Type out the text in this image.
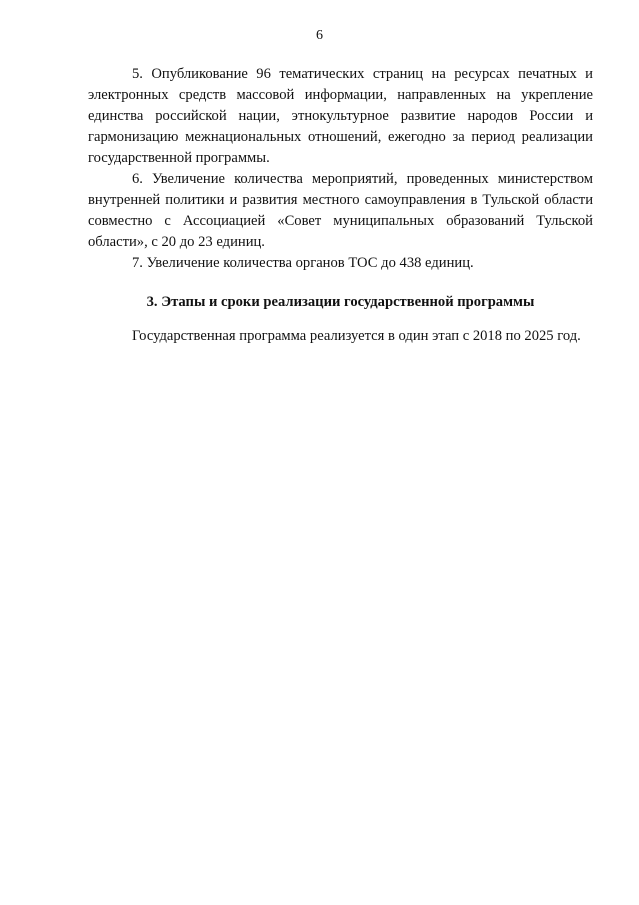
6

5. Опубликование 96 тематических страниц на ресурсах печатных и электронных средств массовой информации, направленных на укрепление единства российской нации, этнокультурное развитие народов России и гармонизацию межнациональных отношений, ежегодно за период реализации государственной программы.

6. Увеличение количества мероприятий, проведенных министерством внутренней политики и развития местного самоуправления в Тульской области совместно с Ассоциацией «Совет муниципальных образований Тульской области», с 20 до 23 единиц.

7. Увеличение количества органов ТОС до 438 единиц.

3. Этапы и сроки реализации государственной программы

Государственная программа реализуется в один этап с 2018 по 2025 год.
